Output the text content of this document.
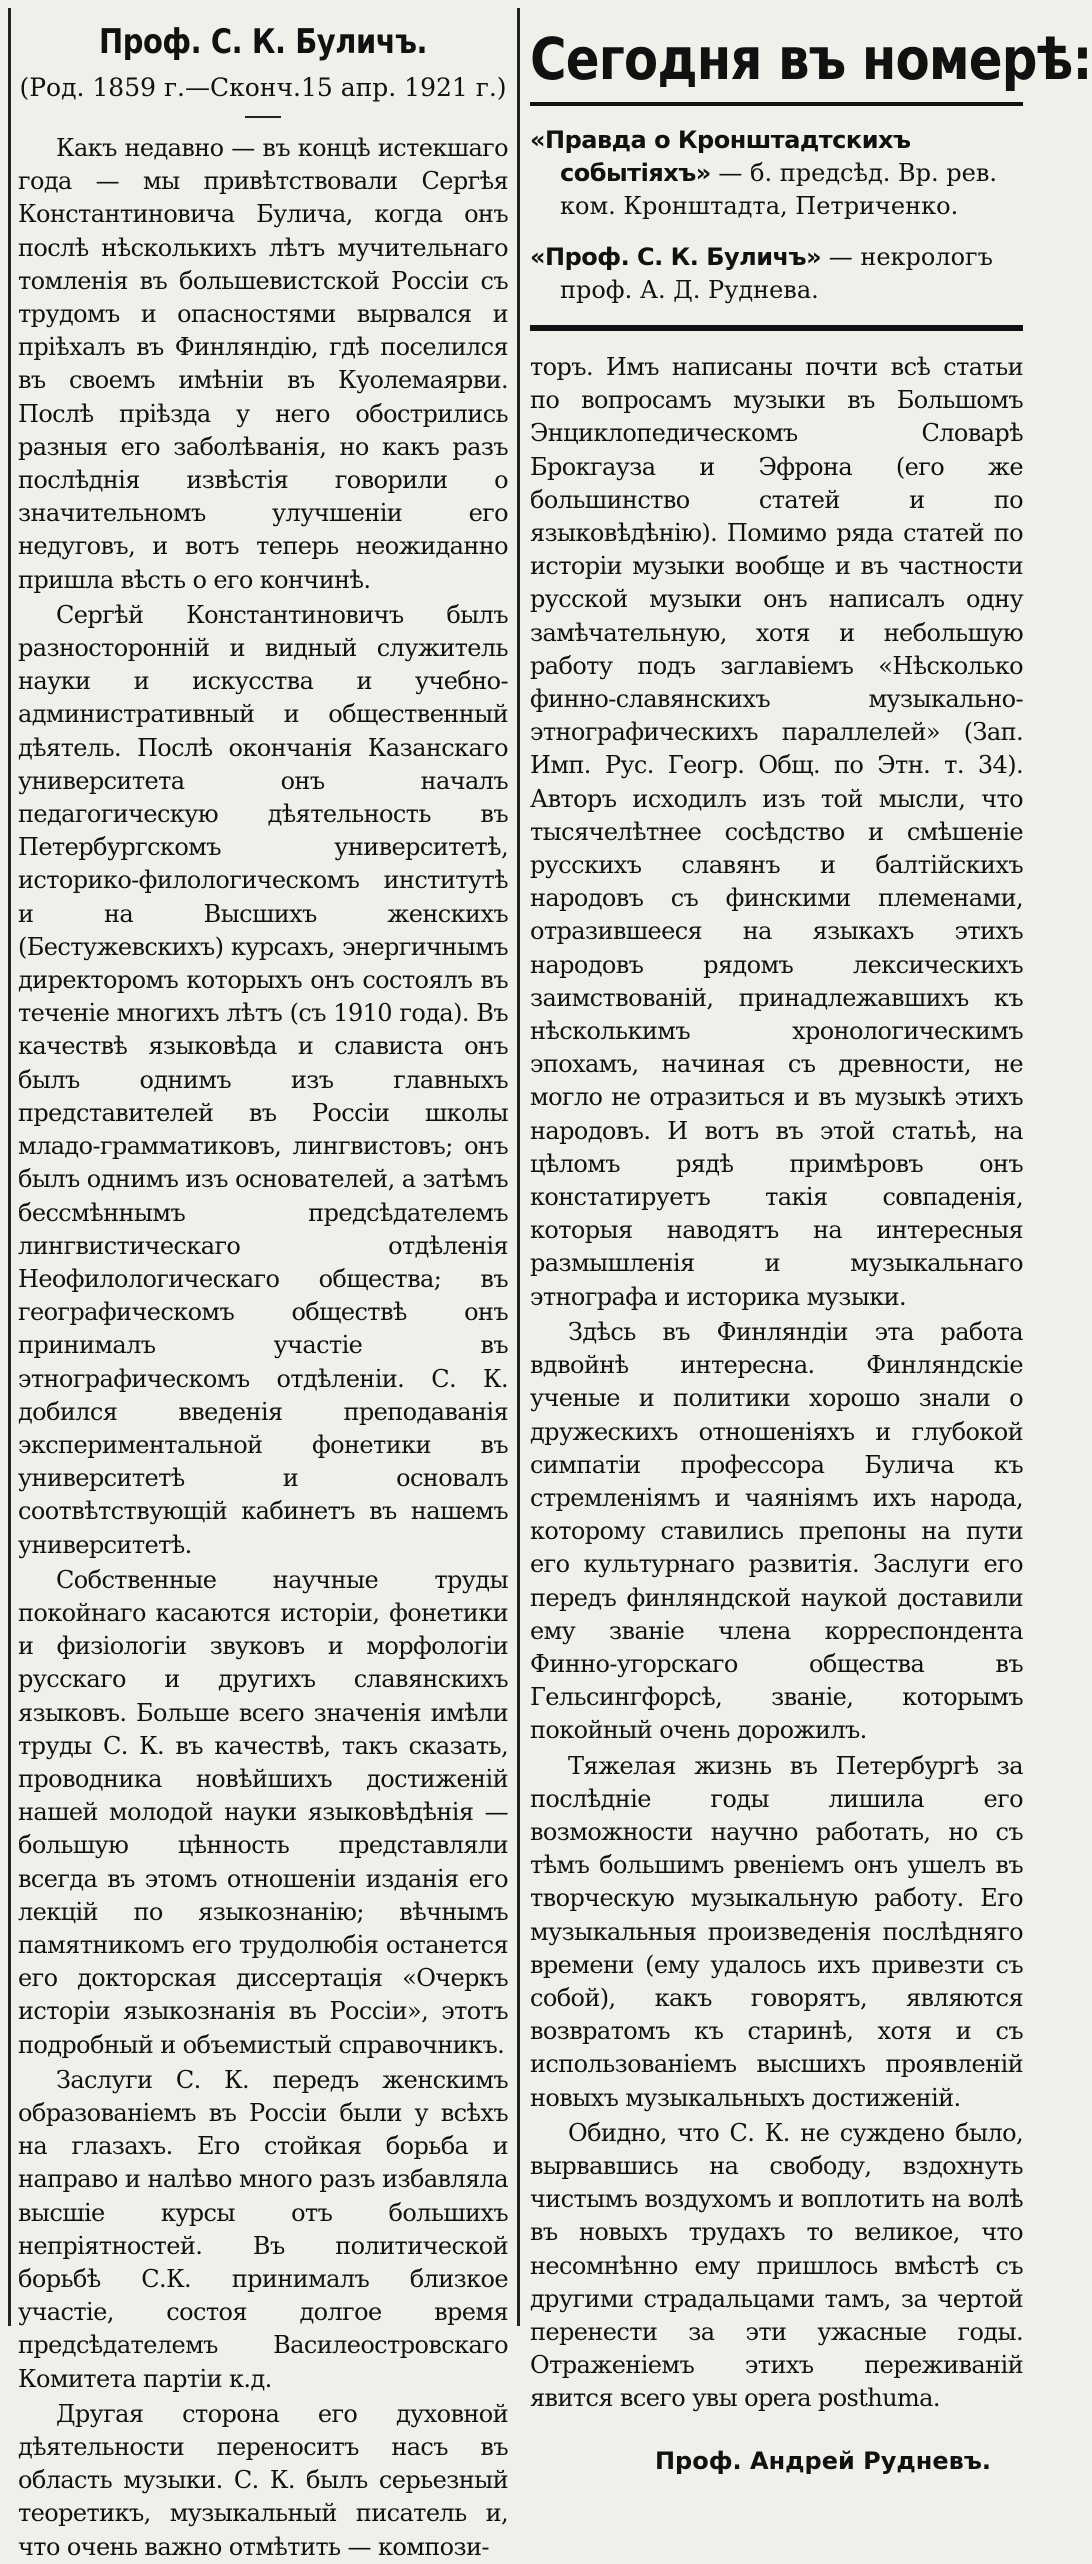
Проф. С. К. Буличъ.
(Род. 1859 г.—Сконч.15 апр. 1921 г.)

Какъ недавно — въ концѣ истекшаго года — мы привѣтствовали Сергѣя Константиновича Булича, когда онъ послѣ нѣсколькихъ лѣтъ мучительнаго томленія въ большевистской Россіи съ трудомъ и опасностями вырвался и пріѣхалъ въ Финляндію, гдѣ поселился въ своемъ имѣніи въ Куолемаярви. Послѣ пріѣзда у него обострились разныя его заболѣванія, но какъ разъ послѣднія извѣстія говорили о значительномъ улучшеніи его недуговъ, и вотъ теперь неожиданно пришла вѣсть о его кончинѣ.

Сергѣй Константиновичъ былъ разносторонній и видный служитель науки и искусства и учебно-административный и общественный дѣятель. Послѣ окончанія Казанскаго университета онъ началъ педагогическую дѣятельность въ Петербургскомъ университетѣ, историко-филологическомъ институтѣ и на Высшихъ женскихъ (Бестужевскихъ) курсахъ, энергичнымъ директоромъ которыхъ онъ состоялъ въ теченіе многихъ лѣтъ (съ 1910 года). Въ качествѣ языковѣда и слависта онъ былъ однимъ изъ главныхъ представителей въ Россіи школы младо-грамматиковъ, лингвистовъ; онъ былъ однимъ изъ основателей, а затѣмъ бессмѣннымъ предсѣдателемъ лингвистическаго отдѣленія Неофилологическаго общества; въ географическомъ обществѣ онъ принималъ участіе въ этнографическомъ отдѣленіи. С. К. добился введенія преподаванія экспериментальной фонетики въ университетѣ и основалъ соотвѣтствующій кабинетъ въ нашемъ университетѣ.

Собственные научные труды покойнаго касаются исторіи, фонетики и физіологіи звуковъ и морфологіи русскаго и другихъ славянскихъ языковъ. Больше всего значенія имѣли труды С. К. въ качествѣ, такъ сказать, проводника новѣйшихъ достиженій нашей молодой науки языковѣдѣнія — большую цѣнность представляли всегда въ этомъ отношеніи изданія его лекцій по языкознанію; вѣчнымъ памятникомъ его трудолюбія останется его докторская диссертація «Очеркъ исторіи языкознанія въ Россіи», этотъ подробный и объемистый справочникъ.

Заслуги С. К. передъ женскимъ образованіемъ въ Россіи были у всѣхъ на глазахъ. Его стойкая борьба и направо и налѣво много разъ избавляла высшіе курсы отъ большихъ непріятностей. Въ политической борьбѣ С.К. принималъ близкое участіе, состоя долгое время предсѣдателемъ Василеостровскаго Комитета партіи к.д.

Другая сторона его духовной дѣятельности переноситъ насъ въ область музыки. С. К. былъ серьезный теоретикъ, музыкальный писатель и, что очень важно отмѣтить — компози-

Сегодня въ номерѣ:
«Правда о Кронштадтскихъ событіяхъ» — б. предсѣд. Вр. рев. ком. Кронштадта, Петриченко.
«Проф. С. К. Буличъ» — некрологъ проф. А. Д. Руднева.

торъ. Имъ написаны почти всѣ статьи по вопросамъ музыки въ Большомъ Энциклопедическомъ Словарѣ Брокгауза и Эфрона (его же большинство статей и по языковѣдѣнію). Помимо ряда статей по исторіи музыки вообще и въ частности русской музыки онъ написалъ одну замѣчательную, хотя и небольшую работу подъ заглавіемъ «Нѣсколько финно-славянскихъ музыкально-этнографическихъ параллелей» (Зап. Имп. Рус. Геогр. Общ. по Этн. т. 34). Авторъ исходилъ изъ той мысли, что тысячелѣтнее сосѣдство и смѣшеніе русскихъ славянъ и балтійскихъ народовъ съ финскими племенами, отразившееся на языкахъ этихъ народовъ рядомъ лексическихъ заимствованій, принадлежавшихъ къ нѣсколькимъ хронологическимъ эпохамъ, начиная съ древности, не могло не отразиться и въ музыкѣ этихъ народовъ. И вотъ въ этой статьѣ, на цѣломъ рядѣ примѣровъ онъ констатируетъ такія совпаденія, которыя наводятъ на интересныя размышленія и музыкальнаго этнографа и историка музыки.

Здѣсь въ Финляндіи эта работа вдвойнѣ интересна. Финляндскіе ученые и политики хорошо знали о дружескихъ отношеніяхъ и глубокой симпатіи профессора Булича къ стремленіямъ и чаяніямъ ихъ народа, которому ставились препоны на пути его культурнаго развитія. Заслуги его передъ финляндской наукой доставили ему званіе члена корреспондента Финно-угорскаго общества въ Гельсингфорсѣ, званіе, которымъ покойный очень дорожилъ.

Тяжелая жизнь въ Петербургѣ за послѣдніе годы лишила его возможности научно работать, но съ тѣмъ большимъ рвеніемъ онъ ушелъ въ творческую музыкальную работу. Его музыкальныя произведенія послѣдняго времени (ему удалось ихъ привезти съ собой), какъ говорятъ, являются возвратомъ къ старинѣ, хотя и съ использованіемъ высшихъ проявленій новыхъ музыкальныхъ достиженій.

Обидно, что С. К. не суждено было, вырвавшись на свободу, вздохнуть чистымъ воздухомъ и воплотить на волѣ въ новыхъ трудахъ то великое, что несомнѣнно ему пришлось вмѣстѣ съ другими страдальцами тамъ, за чертой перенести за эти ужасные годы. Отраженіемъ этихъ переживаній явится всего увы opera posthuma.

Проф. Андрей Рудневъ.
